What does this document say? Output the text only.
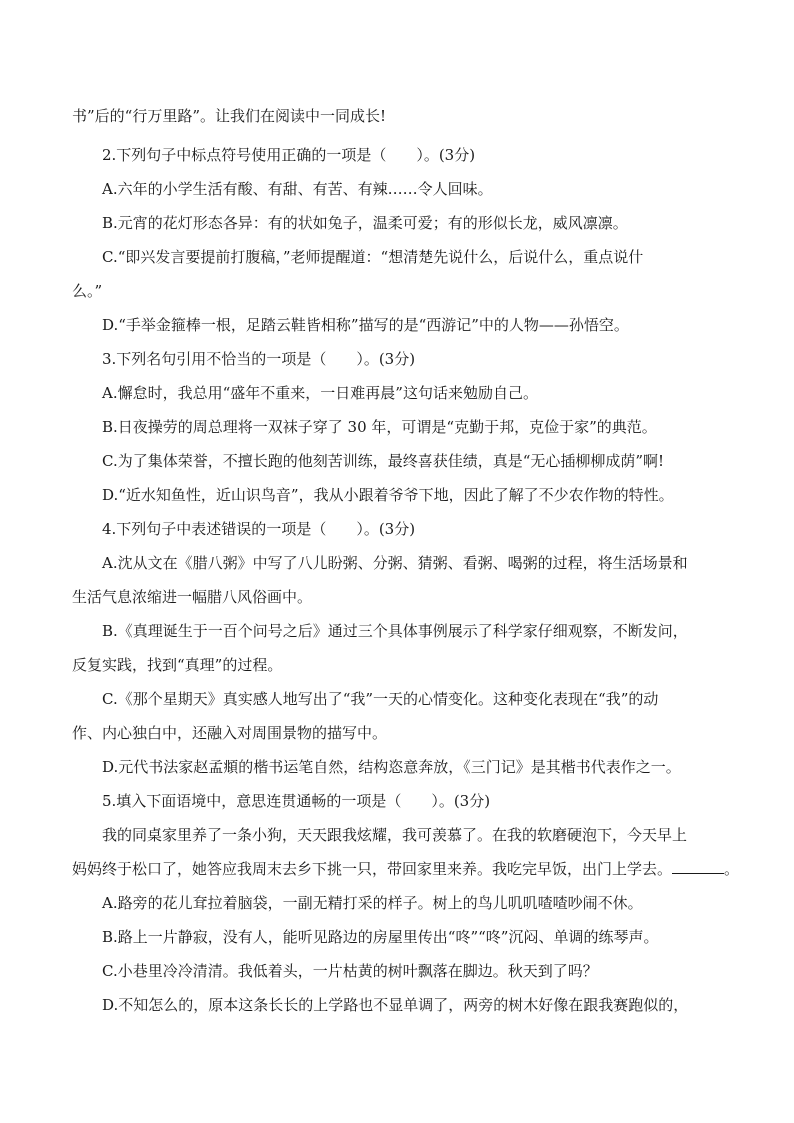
书”后的“行万里路”。让我们在阅读中一同成长!
2.下列句子中标点符号使用正确的一项是（　　）。(3分)
A.六年的小学生活有酸、有甜、有苦、有辣……令人回味。
B.元宵的花灯形态各异：有的状如兔子，温柔可爱；有的形似长龙，威风凛凛。
C.“即兴发言要提前打腹稿，”老师提醒道：“想清楚先说什么，后说什么，重点说什
么。”
D.“手举金箍棒一根，足踏云鞋皆相称”描写的是“西游记”中的人物——孙悟空。
3.下列名句引用不恰当的一项是（　　）。(3分)
A.懈怠时，我总用“盛年不重来，一日难再晨”这句话来勉励自己。
B.日夜操劳的周总理将一双袜子穿了 30 年，可谓是“克勤于邦，克俭于家”的典范。
C.为了集体荣誉，不擅长跑的他刻苦训练，最终喜获佳绩，真是“无心插柳柳成荫”啊!
D.“近水知鱼性，近山识鸟音”，我从小跟着爷爷下地，因此了解了不少农作物的特性。
4.下列句子中表述错误的一项是（　　）。(3分)
A.沈从文在《腊八粥》中写了八儿盼粥、分粥、猜粥、看粥、喝粥的过程，将生活场景和
生活气息浓缩进一幅腊八风俗画中。
B.《真理诞生于一百个问号之后》通过三个具体事例展示了科学家仔细观察，不断发问，
反复实践，找到“真理”的过程。
C.《那个星期天》真实感人地写出了“我”一天的心情变化。这种变化表现在“我”的动
作、内心独白中，还融入对周围景物的描写中。
D.元代书法家赵孟頫的楷书运笔自然，结构恣意奔放，《三门记》是其楷书代表作之一。
5.填入下面语境中，意思连贯通畅的一项是（　　）。(3分)
我的同桌家里养了一条小狗，天天跟我炫耀，我可羡慕了。在我的软磨硬泡下，今天早上
妈妈终于松口了，她答应我周末去乡下挑一只，带回家里来养。我吃完早饭，出门上学去。	。
A.路旁的花儿耷拉着脑袋，一副无精打采的样子。树上的鸟儿叽叽喳喳吵闹不休。
B.路上一片静寂，没有人，能听见路边的房屋里传出“咚”“咚”沉闷、单调的练琴声。
C.小巷里冷冷清清。我低着头，一片枯黄的树叶飘落在脚边。秋天到了吗？
D.不知怎么的，原本这条长长的上学路也不显单调了，两旁的树木好像在跟我赛跑似的，
